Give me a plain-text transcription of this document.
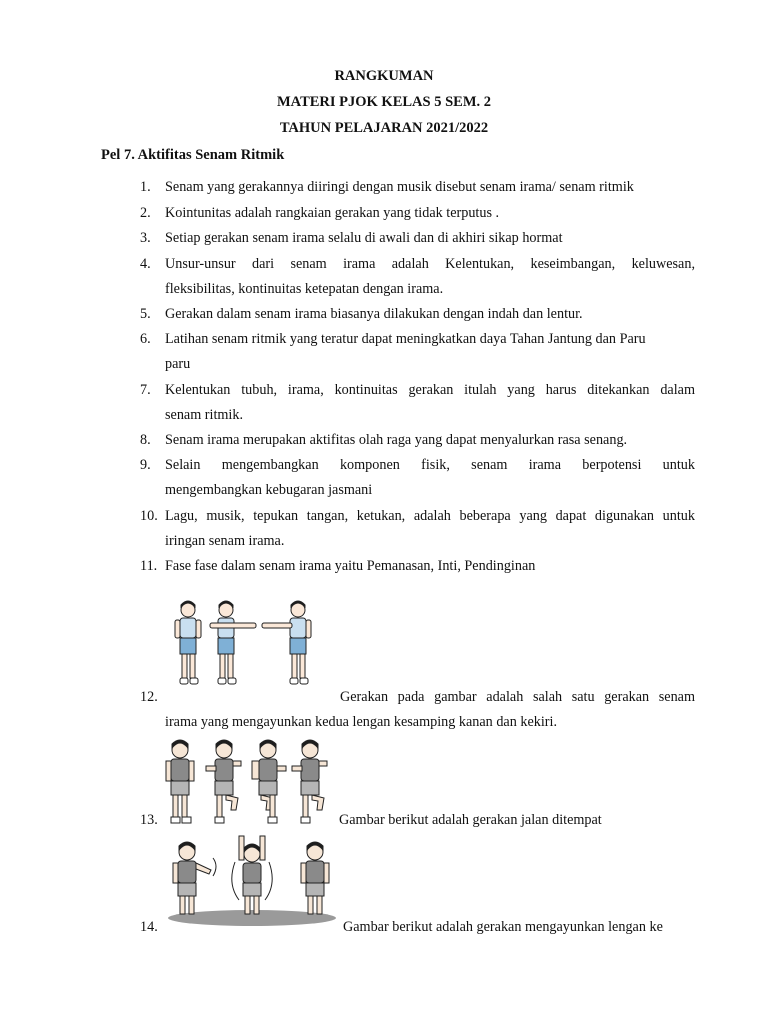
RANGKUMAN
MATERI PJOK KELAS 5 SEM. 2
TAHUN PELAJARAN 2021/2022
Pel 7. Aktifitas Senam Ritmik
1.	Senam yang gerakannya diiringi dengan musik disebut senam irama/ senam ritmik
2.	Kointunitas adalah rangkaian gerakan yang tidak terputus .
3.	Setiap gerakan senam irama selalu di awali dan di akhiri sikap hormat
4.	Unsur-unsur dari senam irama adalah Kelentukan, keseimbangan, keluwesan,
fleksibilitas, kontinuitas ketepatan dengan irama.
5.	Gerakan dalam senam irama biasanya dilakukan dengan indah dan lentur.
6.	Latihan senam ritmik yang teratur dapat meningkatkan daya Tahan Jantung dan Paru
paru
7.	Kelentukan tubuh, irama, kontinuitas gerakan itulah yang harus ditekankan dalam
senam ritmik.
8.	Senam irama merupakan aktifitas olah raga yang dapat menyalurkan rasa senang.
9.	Selain mengembangkan komponen fisik, senam irama berpotensi untuk
mengembangkan kebugaran jasmani
10. Lagu, musik, tepukan tangan, ketukan, adalah beberapa yang dapat digunakan untuk
iringan senam irama.
11. Fase fase dalam senam irama yaitu Pemanasan, Inti, Pendinginan
12.	Gerakan pada gambar adalah salah satu gerakan senam
irama yang mengayunkan kedua lengan kesamping kanan dan kekiri.
13.	Gambar berikut adalah gerakan jalan ditempat
14.	Gambar berikut adalah gerakan mengayunkan lengan ke
